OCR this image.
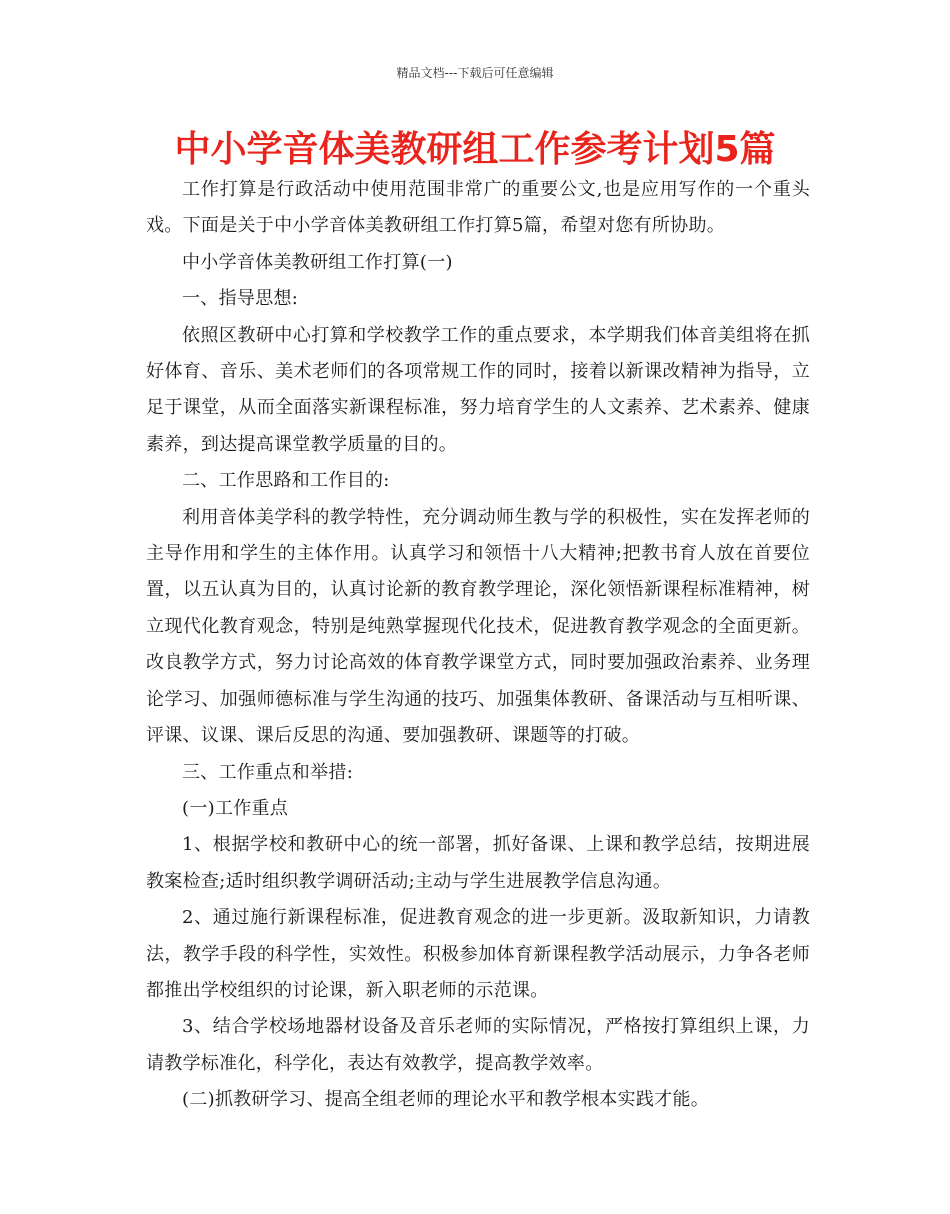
精品文档---下载后可任意编辑
中小学音体美教研组工作参考计划5篇

工作打算是行政活动中使用范围非常广的重要公文,也是应用写作的一个重头戏。下面是关于中小学音体美教研组工作打算5篇，希望对您有所协助。

中小学音体美教研组工作打算(一)

一、指导思想:

依照区教研中心打算和学校教学工作的重点要求，本学期我们体音美组将在抓好体育、音乐、美术老师们的各项常规工作的同时，接着以新课改精神为指导，立足于课堂，从而全面落实新课程标准，努力培育学生的人文素养、艺术素养、健康素养，到达提高课堂教学质量的目的。

二、工作思路和工作目的:

利用音体美学科的教学特性，充分调动师生教与学的积极性，实在发挥老师的主导作用和学生的主体作用。认真学习和领悟十八大精神;把教书育人放在首要位置，以五认真为目的，认真讨论新的教育教学理论，深化领悟新课程标准精神，树立现代化教育观念，特别是纯熟掌握现代化技术，促进教育教学观念的全面更新。改良教学方式，努力讨论高效的体育教学课堂方式，同时要加强政治素养、业务理论学习、加强师德标准与学生沟通的技巧、加强集体教研、备课活动与互相听课、评课、议课、课后反思的沟通、要加强教研、课题等的打破。

三、工作重点和举措:

(一)工作重点

1、根据学校和教研中心的统一部署，抓好备课、上课和教学总结，按期进展教案检查;适时组织教学调研活动;主动与学生进展教学信息沟通。

2、通过施行新课程标准，促进教育观念的进一步更新。汲取新知识，力请教法，教学手段的科学性，实效性。积极参加体育新课程教学活动展示，力争各老师都推出学校组织的讨论课，新入职老师的示范课。

3、结合学校场地器材设备及音乐老师的实际情况，严格按打算组织上课，力请教学标准化，科学化，表达有效教学，提高教学效率。

(二)抓教研学习、提高全组老师的理论水平和教学根本实践才能。
